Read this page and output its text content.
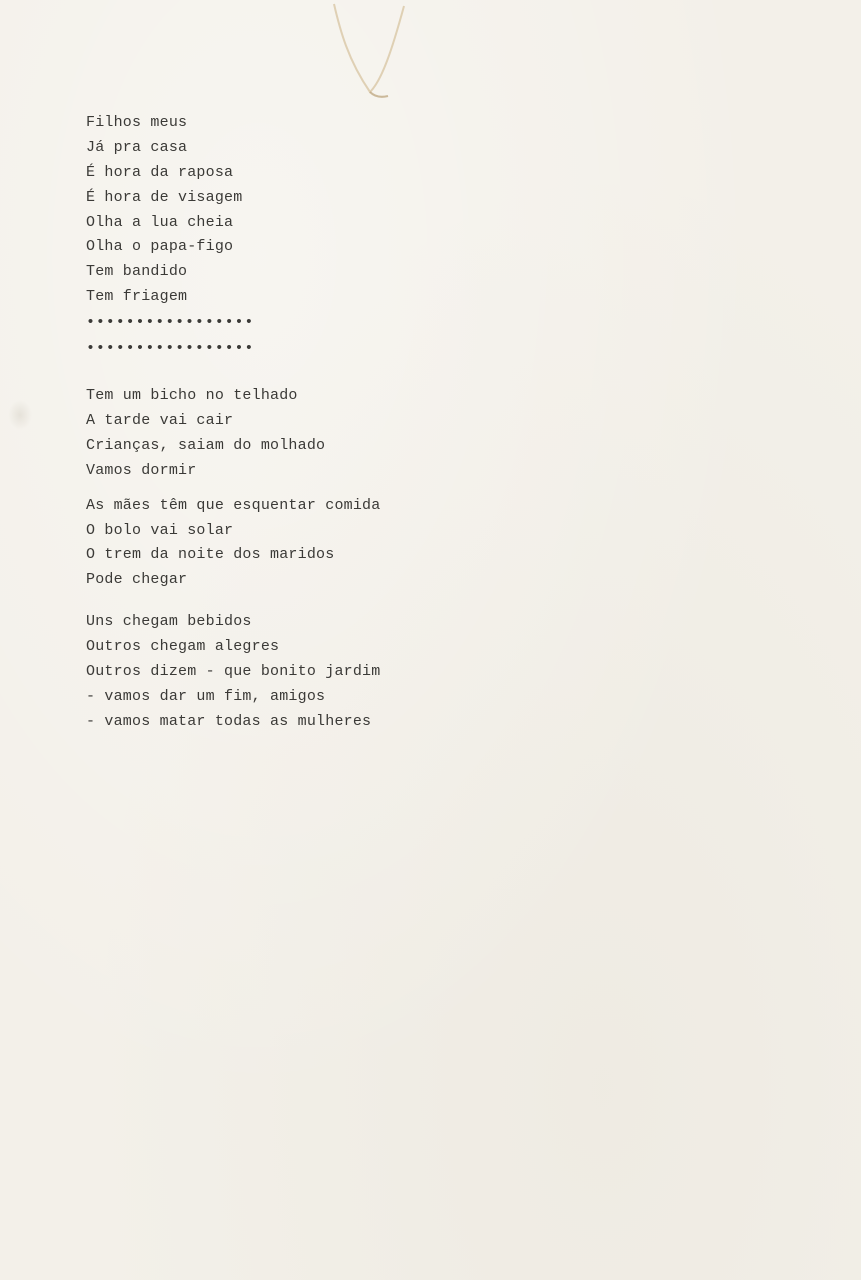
Filhos meus
Já pra casa
É hora da raposa
É hora de visagem
Olha a lua cheia
Olha o papa-figo
Tem bandido
Tem friagem
•••••••••••••••••
•••••••••••••••••
Tem um bicho no telhado
A tarde vai cair
Crianças, saiam do molhado
Vamos dormir
As mães têm que esquentar comida
O bolo vai solar
O trem da noite dos maridos
Pode chegar
Uns chegam bebidos
Outros chegam alegres
Outros dizem - que bonito jardim
- vamos dar um fim, amigos
- vamos matar todas as mulheres
